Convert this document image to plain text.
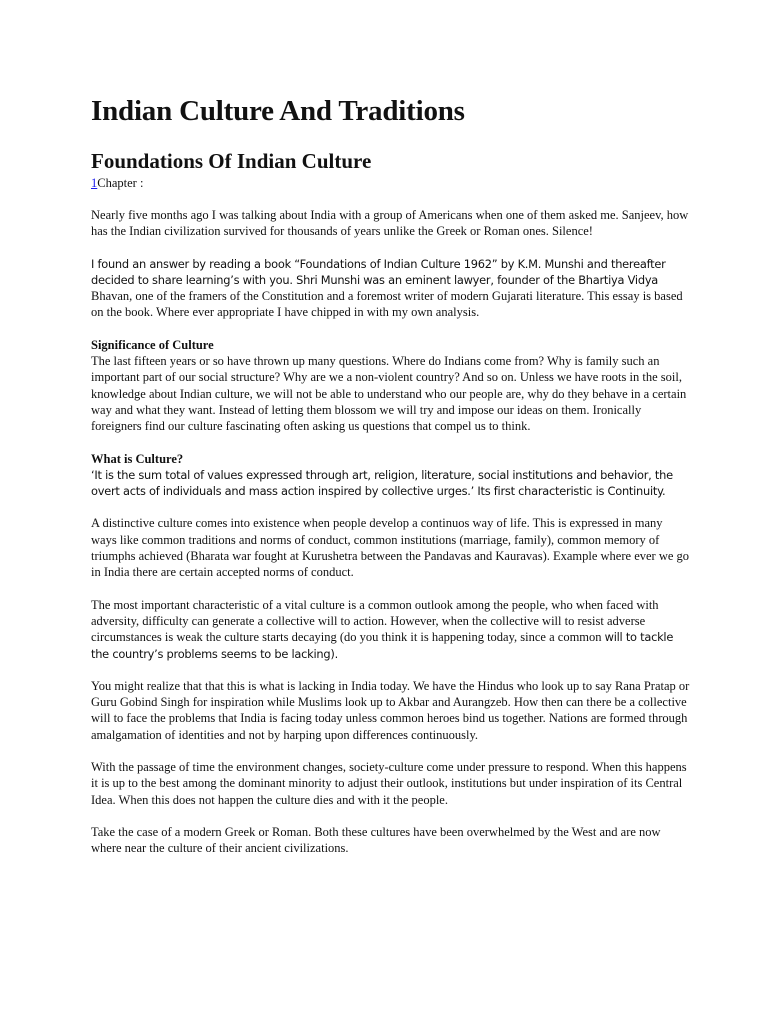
Indian Culture And Traditions
Foundations Of Indian Culture

1Chapter :

Nearly five months ago I was talking about India with a group of Americans when one of them asked me. Sanjeev, how has the Indian civilization survived for thousands of years unlike the Greek or Roman ones. Silence!

I found an answer by reading a book “Foundations of Indian Culture 1962” by K.M. Munshi and thereafter decided to share learning’s with you. Shri Munshi was an eminent lawyer, founder of the Bhartiya Vidya Bhavan, one of the framers of the Constitution and a foremost writer of modern Gujarati literature. This essay is based on the book. Where ever appropriate I have chipped in with my own analysis.

Significance of Culture
The last fifteen years or so have thrown up many questions. Where do Indians come from? Why is family such an important part of our social structure? Why are we a non-violent country? And so on. Unless we have roots in the soil, knowledge about Indian culture, we will not be able to understand who our people are, why do they behave in a certain way and what they want. Instead of letting them blossom we will try and impose our ideas on them. Ironically foreigners find our culture fascinating often asking us questions that compel us to think.

What is Culture?
‘It is the sum total of values expressed through art, religion, literature, social institutions and behavior, the overt acts of individuals and mass action inspired by collective urges.’ Its first characteristic is Continuity.

A distinctive culture comes into existence when people develop a continuos way of life. This is expressed in many ways like common traditions and norms of conduct, common institutions (marriage, family), common memory of triumphs achieved (Bharata war fought at Kurushetra between the Pandavas and Kauravas). Example where ever we go in India there are certain accepted norms of conduct.

The most important characteristic of a vital culture is a common outlook among the people, who when faced with adversity, difficulty can generate a collective will to action. However, when the collective will to resist adverse circumstances is weak the culture starts decaying (do you think it is happening today, since a common will to tackle the country’s problems seems to be lacking).

You might realize that that this is what is lacking in India today. We have the Hindus who look up to say Rana Pratap or Guru Gobind Singh for inspiration while Muslims look up to Akbar and Aurangzeb. How then can there be a collective will to face the problems that India is facing today unless common heroes bind us together. Nations are formed through amalgamation of identities and not by harping upon differences continuously.

With the passage of time the environment changes, society-culture come under pressure to respond. When this happens it is up to the best among the dominant minority to adjust their outlook, institutions but under inspiration of its Central Idea. When this does not happen the culture dies and with it the people.

Take the case of a modern Greek or Roman. Both these cultures have been overwhelmed by the West and are now where near the culture of their ancient civilizations.
